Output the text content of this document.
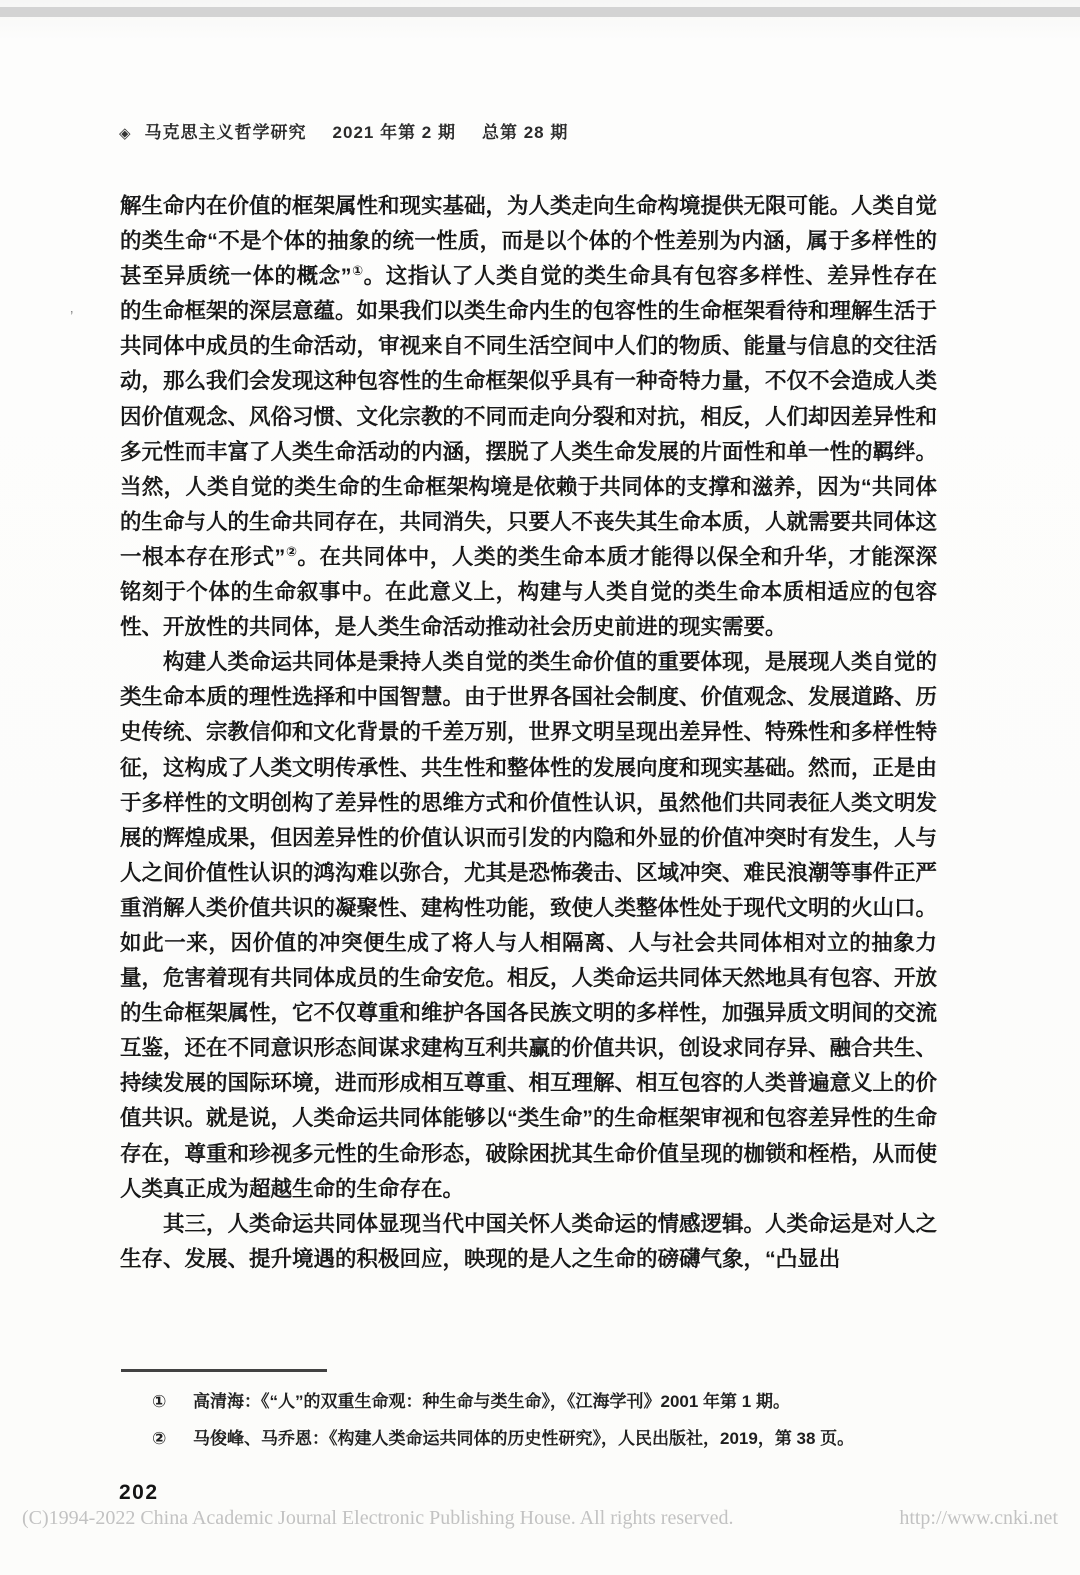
◈ 马克思主义哲学研究 2021 年第 2 期 总第 28 期
’

解生命内在价值的框架属性和现实基础，为人类走向生命构境提供无限可能。人类自觉的类生命“不是个体的抽象的统一性质，而是以个体的个性差别为内涵，属于多样性的甚至异质统一体的概念”①。这指认了人类自觉的类生命具有包容多样性、差异性存在的生命框架的深层意蕴。如果我们以类生命内生的包容性的生命框架看待和理解生活于共同体中成员的生命活动，审视来自不同生活空间中人们的物质、能量与信息的交往活动，那么我们会发现这种包容性的生命框架似乎具有一种奇特力量，不仅不会造成人类因价值观念、风俗习惯、文化宗教的不同而走向分裂和对抗，相反，人们却因差异性和多元性而丰富了人类生命活动的内涵，摆脱了人类生命发展的片面性和单一性的羁绊。当然，人类自觉的类生命的生命框架构境是依赖于共同体的支撑和滋养，因为“共同体的生命与人的生命共同存在，共同消失，只要人不丧失其生命本质，人就需要共同体这一根本存在形式”②。在共同体中，人类的类生命本质才能得以保全和升华，才能深深铭刻于个体的生命叙事中。在此意义上，构建与人类自觉的类生命本质相适应的包容性、开放性的共同体，是人类生命活动推动社会历史前进的现实需要。

构建人类命运共同体是秉持人类自觉的类生命价值的重要体现，是展现人类自觉的类生命本质的理性选择和中国智慧。由于世界各国社会制度、价值观念、发展道路、历史传统、宗教信仰和文化背景的千差万别，世界文明呈现出差异性、特殊性和多样性特征，这构成了人类文明传承性、共生性和整体性的发展向度和现实基础。然而，正是由于多样性的文明创构了差异性的思维方式和价值性认识，虽然他们共同表征人类文明发展的辉煌成果，但因差异性的价值认识而引发的内隐和外显的价值冲突时有发生，人与人之间价值性认识的鸿沟难以弥合，尤其是恐怖袭击、区域冲突、难民浪潮等事件正严重消解人类价值共识的凝聚性、建构性功能，致使人类整体性处于现代文明的火山口。如此一来，因价值的冲突便生成了将人与人相隔离、人与社会共同体相对立的抽象力量，危害着现有共同体成员的生命安危。相反，人类命运共同体天然地具有包容、开放的生命框架属性，它不仅尊重和维护各国各民族文明的多样性，加强异质文明间的交流互鉴，还在不同意识形态间谋求建构互利共赢的价值共识，创设求同存异、融合共生、持续发展的国际环境，进而形成相互尊重、相互理解、相互包容的人类普遍意义上的价值共识。就是说，人类命运共同体能够以“类生命”的生命框架审视和包容差异性的生命存在，尊重和珍视多元性的生命形态，破除困扰其生命价值呈现的枷锁和桎梏，从而使人类真正成为超越生命的生命存在。

其三，人类命运共同体显现当代中国关怀人类命运的情感逻辑。人类命运是对人之生存、发展、提升境遇的积极回应，映现的是人之生命的磅礴气象，“凸显出

①	高清海：《“人”的双重生命观：种生命与类生命》，《江海学刊》2001 年第 1 期。
②	马俊峰、马乔恩：《构建人类命运共同体的历史性研究》，人民出版社，2019，第 38 页。
202
(C)1994-2022 China Academic Journal Electronic Publishing House. All rights reserved.	http://www.cnki.net
